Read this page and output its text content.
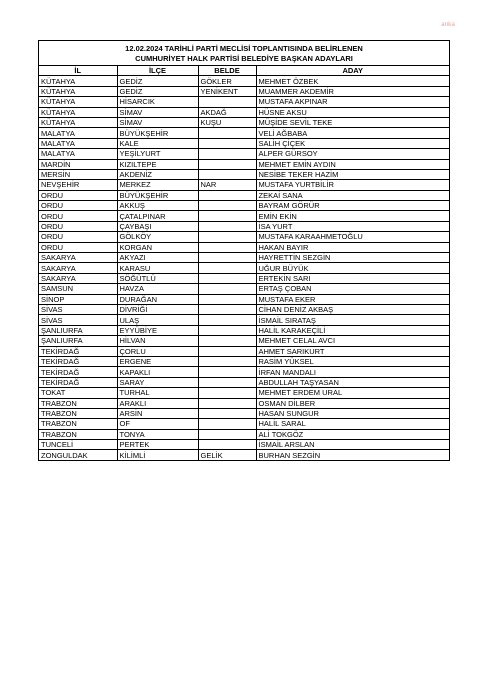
anka
12.02.2024 TARİHLİ PARTİ MECLİSİ TOPLANTISINDA BELİRLENEN
CUMHURİYET HALK PARTİSİ BELEDİYE BAŞKAN ADAYLARI
İL	İLÇE	BELDE	ADAY
KÜTAHYA	GEDİZ	GÖKLER	MEHMET ÖZBEK
KÜTAHYA	GEDİZ	YENİKENT	MUAMMER AKDEMİR
KÜTAHYA	HİSARCIK		MUSTAFA AKPINAR
KÜTAHYA	SİMAV	AKDAĞ	HÜSNE AKSU
KÜTAHYA	SİMAV	KUŞU	MÜŞİDE SEVİL TEKE
MALATYA	BÜYÜKŞEHİR		VELİ AĞBABA
MALATYA	KALE		SALİH ÇİÇEK
MALATYA	YEŞİLYURT		ALPER GÜRSOY
MARDİN	KIZILTEPE		MEHMET EMİN AYDIN
MERSİN	AKDENİZ		NESİBE TEKER HAZİM
NEVŞEHİR	MERKEZ	NAR	MUSTAFA YURTBİLİR
ORDU	BÜYÜKŞEHİR		ZEKAİ SANA
ORDU	AKKUŞ		BAYRAM GÖRÜR
ORDU	ÇATALPINAR		EMİN EKİN
ORDU	ÇAYBAŞI		İSA YURT
ORDU	GÖLKÖY		MUSTAFA KARAAHMETOĞLU
ORDU	KORGAN		HAKAN BAYIR
SAKARYA	AKYAZI		HAYRETTİN SEZGİN
SAKARYA	KARASU		UĞUR BÜYÜK
SAKARYA	SÖĞÜTLÜ		ERTEKİN SARI
SAMSUN	HAVZA		ERTAŞ ÇOBAN
SİNOP	DURAĞAN		MUSTAFA EKER
SİVAS	DİVRİĞİ		CİHAN DENİZ AKBAŞ
SİVAS	ULAŞ		İSMAİL SIRATAŞ
ŞANLIURFA	EYYÜBİYE		HALİL KARAKEÇİLİ
ŞANLIURFA	HİLVAN		MEHMET CELAL AVCI
TEKİRDAĞ	ÇORLU		AHMET SARIKURT
TEKİRDAĞ	ERGENE		RASİM YÜKSEL
TEKİRDAĞ	KAPAKLI		İRFAN MANDALI
TEKİRDAĞ	SARAY		ABDULLAH TAŞYASAN
TOKAT	TURHAL		MEHMET ERDEM URAL
TRABZON	ARAKLI		OSMAN DİLBER
TRABZON	ARSİN		HASAN SUNGUR
TRABZON	OF		HALİL SARAL
TRABZON	TONYA		ALİ TOKGÖZ
TUNCELİ	PERTEK		İSMAİL ARSLAN
ZONGULDAK	KİLİMLİ	GELİK	BURHAN SEZGİN
